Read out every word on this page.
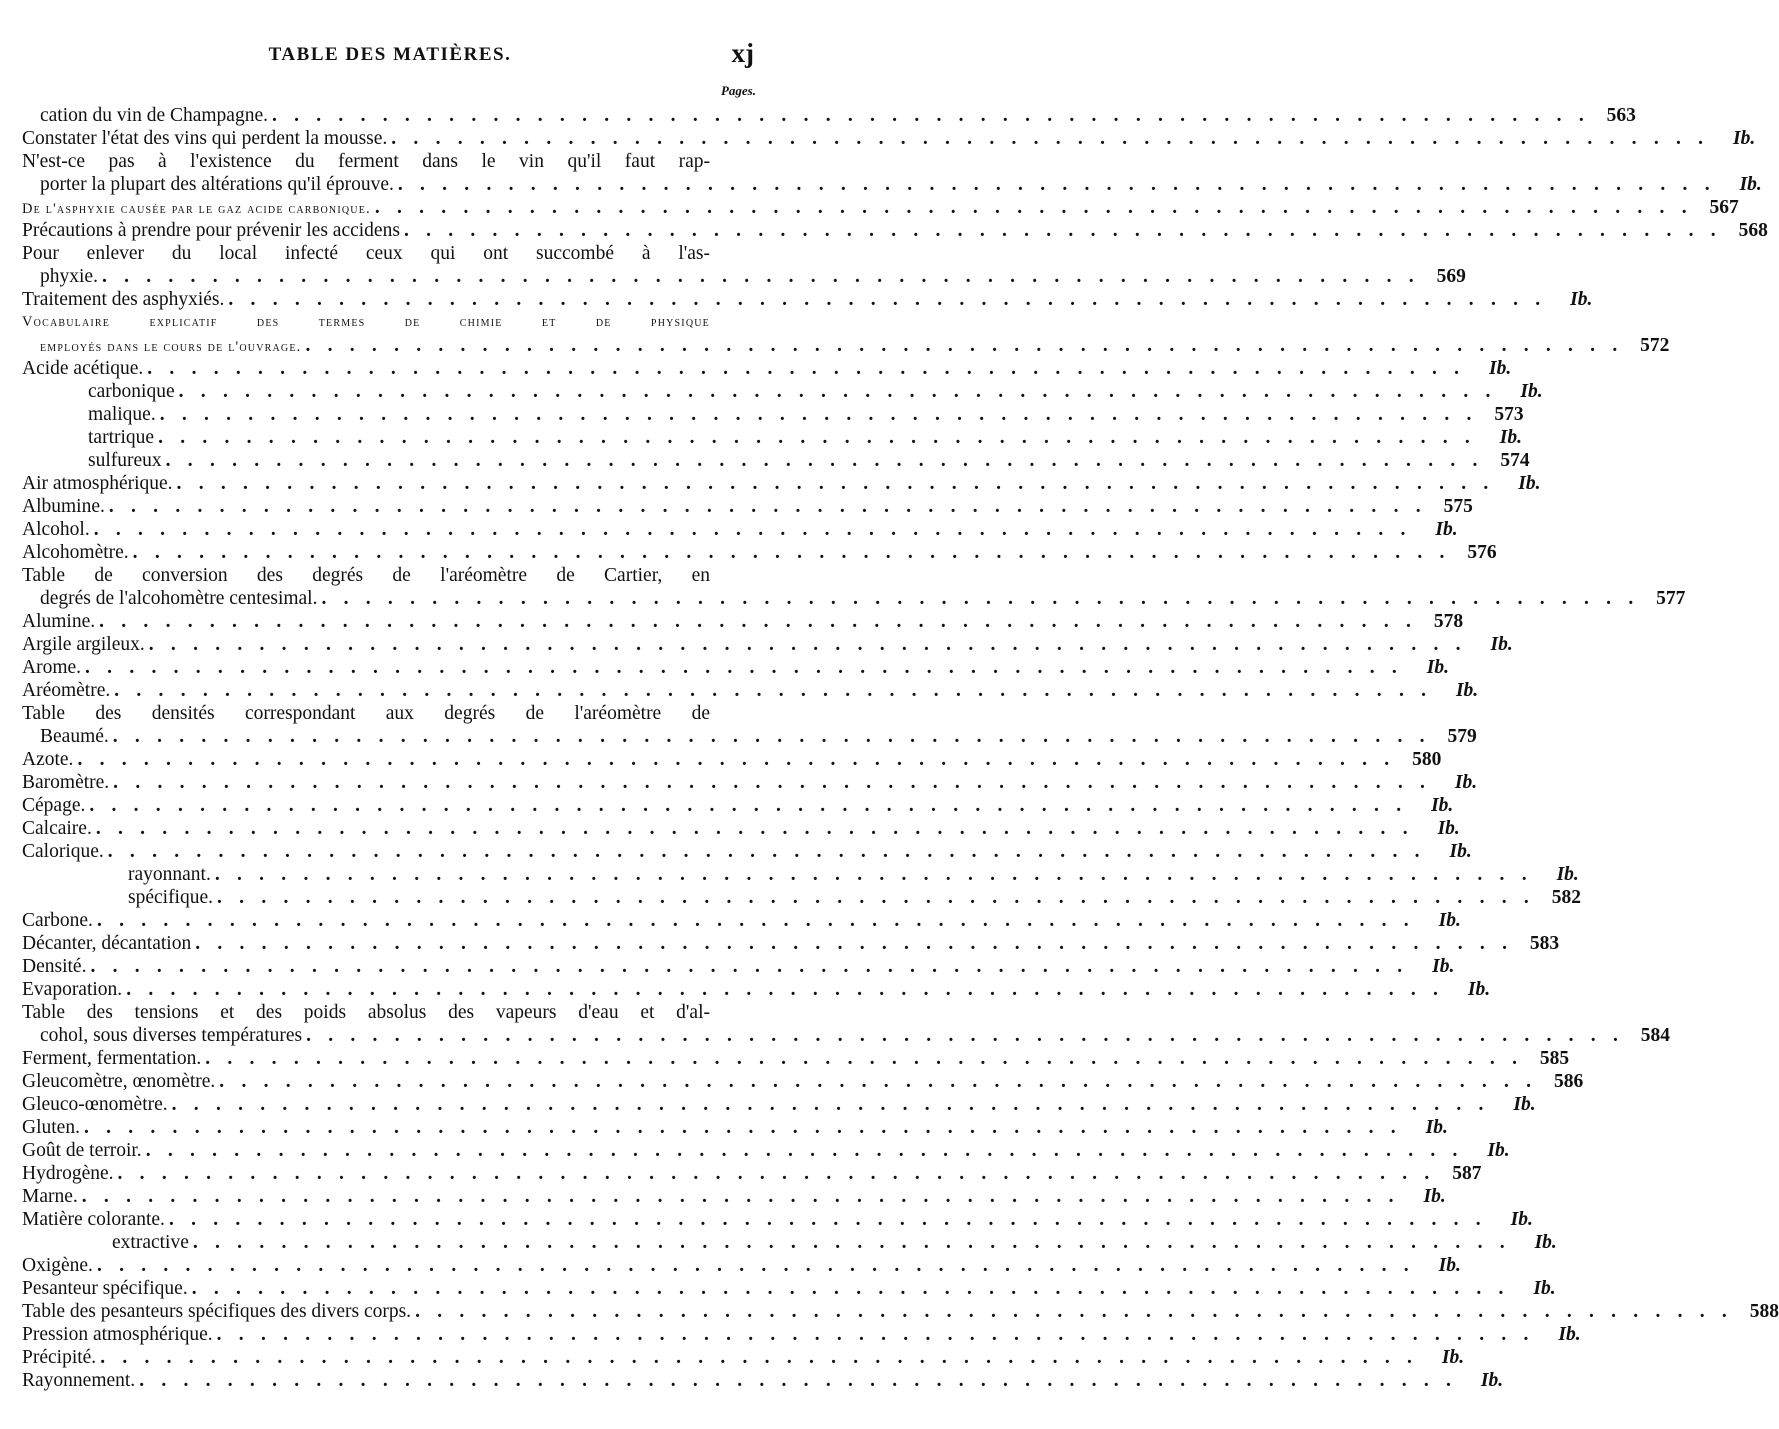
TABLE DES MATIÈRES.	xj
Pages.
cation du vin de Champagne. . . . . . . . . . . . . . . . . . . . . . . . . . . . . . . . . . . . . . . . . . . . . . . . . . . . . . . . . . . . . 563
Constater l'état des vins qui perdent la mousse. . . . . . . . . . . . . . . . . . . . . . . . . . . . . . . . . . . . . . . . . . . . . . . . . . . . . . . . . . . . .	Ib.
N'est-ce pas à l'existence du ferment dans le vin qu'il faut rap-
porter la plupart des altérations qu'il éprouve. . . . . . . . . . . . . . . . . . . . . . . . . . . . . . . . . . . . . . . . . . . . . . . . . . . . . . . . . . . . .	Ib.
De l'asphyxie causée par le gaz acide carbonique. . . . . . . . . . . . . . . . . . . . . . . . . . . . . . . . . . . . . . . . . . . . . . . . . . . . . . . . . . . . . 567
Précautions à prendre pour prévenir les accidens . . . . . . . . . . . . . . . . . . . . . . . . . . . . . . . . . . . . . . . . . . . . . . . . . . . . . . . . . . . . 568
Pour enlever du local infecté ceux qui ont succombé à l'as-
phyxie. . . . . . . . . . . . . . . . . . . . . . . . . . . . . . . . . . . . . . . . . . . . . . . . . . . . . . . . . . . . . 569
Traitement des asphyxiés. . . . . . . . . . . . . . . . . . . . . . . . . . . . . . . . . . . . . . . . . . . . . . . . . . . . . . . . . . . . .	Ib.
Vocabulaire explicatif des termes de chimie et de physique
employés dans le cours de l'ouvrage. . . . . . . . . . . . . . . . . . . . . . . . . . . . . . . . . . . . . . . . . . . . . . . . . . . . . . . . . . . . . 572
Acide acétique. . . . . . . . . . . . . . . . . . . . . . . . . . . . . . . . . . . . . . . . . . . . . . . . . . . . . . . . . . . . .	Ib.
carbonique . . . . . . . . . . . . . . . . . . . . . . . . . . . . . . . . . . . . . . . . . . . . . . . . . . . . . . . . . . . .	Ib.
malique. . . . . . . . . . . . . . . . . . . . . . . . . . . . . . . . . . . . . . . . . . . . . . . . . . . . . . . . . . . . . 573
tartrique . . . . . . . . . . . . . . . . . . . . . . . . . . . . . . . . . . . . . . . . . . . . . . . . . . . . . . . . . . . .	Ib.
sulfureux . . . . . . . . . . . . . . . . . . . . . . . . . . . . . . . . . . . . . . . . . . . . . . . . . . . . . . . . . . . . 574
Air atmosphérique. . . . . . . . . . . . . . . . . . . . . . . . . . . . . . . . . . . . . . . . . . . . . . . . . . . . . . . . . . . . .	Ib.
Albumine. . . . . . . . . . . . . . . . . . . . . . . . . . . . . . . . . . . . . . . . . . . . . . . . . . . . . . . . . . . . . 575
Alcohol. . . . . . . . . . . . . . . . . . . . . . . . . . . . . . . . . . . . . . . . . . . . . . . . . . . . . . . . . . . . .	Ib.
Alcohomètre. . . . . . . . . . . . . . . . . . . . . . . . . . . . . . . . . . . . . . . . . . . . . . . . . . . . . . . . . . . . . 576
Table de conversion des degrés de l'aréomètre de Cartier, en
degrés de l'alcohomètre centesimal. . . . . . . . . . . . . . . . . . . . . . . . . . . . . . . . . . . . . . . . . . . . . . . . . . . . . . . . . . . . . 577
Alumine. . . . . . . . . . . . . . . . . . . . . . . . . . . . . . . . . . . . . . . . . . . . . . . . . . . . . . . . . . . . . 578
Argile argileux. . . . . . . . . . . . . . . . . . . . . . . . . . . . . . . . . . . . . . . . . . . . . . . . . . . . . . . . . . . . .	Ib.
Arome. . . . . . . . . . . . . . . . . . . . . . . . . . . . . . . . . . . . . . . . . . . . . . . . . . . . . . . . . . . . .	Ib.
Aréomètre. . . . . . . . . . . . . . . . . . . . . . . . . . . . . . . . . . . . . . . . . . . . . . . . . . . . . . . . . . . . .	Ib.
Table des densités correspondant aux degrés de l'aréomètre de
Beaumé. . . . . . . . . . . . . . . . . . . . . . . . . . . . . . . . . . . . . . . . . . . . . . . . . . . . . . . . . . . . . 579
Azote. . . . . . . . . . . . . . . . . . . . . . . . . . . . . . . . . . . . . . . . . . . . . . . . . . . . . . . . . . . . . 580
Baromètre. . . . . . . . . . . . . . . . . . . . . . . . . . . . . . . . . . . . . . . . . . . . . . . . . . . . . . . . . . . . .	Ib.
Cépage. . . . . . . . . . . . . . . . . . . . . . . . . . . . . . . . . . . . . . . . . . . . . . . . . . . . . . . . . . . . .	Ib.
Calcaire. . . . . . . . . . . . . . . . . . . . . . . . . . . . . . . . . . . . . . . . . . . . . . . . . . . . . . . . . . . . .	Ib.
Calorique. . . . . . . . . . . . . . . . . . . . . . . . . . . . . . . . . . . . . . . . . . . . . . . . . . . . . . . . . . . . .	Ib.
rayonnant. . . . . . . . . . . . . . . . . . . . . . . . . . . . . . . . . . . . . . . . . . . . . . . . . . . . . . . . . . . . .	Ib.
spécifique. . . . . . . . . . . . . . . . . . . . . . . . . . . . . . . . . . . . . . . . . . . . . . . . . . . . . . . . . . . . . 582
Carbone. . . . . . . . . . . . . . . . . . . . . . . . . . . . . . . . . . . . . . . . . . . . . . . . . . . . . . . . . . . . .	Ib.
Décanter, décantation . . . . . . . . . . . . . . . . . . . . . . . . . . . . . . . . . . . . . . . . . . . . . . . . . . . . . . . . . . . . 583
Densité. . . . . . . . . . . . . . . . . . . . . . . . . . . . . . . . . . . . . . . . . . . . . . . . . . . . . . . . . . . . .	Ib.
Evaporation. . . . . . . . . . . . . . . . . . . . . . . . . . . . . . . . . . . . . . . . . . . . . . . . . . . . . . . . . . . . .	Ib.
Table des tensions et des poids absolus des vapeurs d'eau et d'al-
cohol, sous diverses températures . . . . . . . . . . . . . . . . . . . . . . . . . . . . . . . . . . . . . . . . . . . . . . . . . . . . . . . . . . . . 584
Ferment, fermentation. . . . . . . . . . . . . . . . . . . . . . . . . . . . . . . . . . . . . . . . . . . . . . . . . . . . . . . . . . . . . 585
Gleucomètre, œnomètre. . . . . . . . . . . . . . . . . . . . . . . . . . . . . . . . . . . . . . . . . . . . . . . . . . . . . . . . . . . . . 586
Gleuco-œnomètre. . . . . . . . . . . . . . . . . . . . . . . . . . . . . . . . . . . . . . . . . . . . . . . . . . . . . . . . . . . . .	Ib.
Gluten. . . . . . . . . . . . . . . . . . . . . . . . . . . . . . . . . . . . . . . . . . . . . . . . . . . . . . . . . . . . .	Ib.
Goût de terroir. . . . . . . . . . . . . . . . . . . . . . . . . . . . . . . . . . . . . . . . . . . . . . . . . . . . . . . . . . . . .	Ib.
Hydrogène. . . . . . . . . . . . . . . . . . . . . . . . . . . . . . . . . . . . . . . . . . . . . . . . . . . . . . . . . . . . . 587
Marne. . . . . . . . . . . . . . . . . . . . . . . . . . . . . . . . . . . . . . . . . . . . . . . . . . . . . . . . . . . . .	Ib.
Matière colorante. . . . . . . . . . . . . . . . . . . . . . . . . . . . . . . . . . . . . . . . . . . . . . . . . . . . . . . . . . . . .	Ib.
extractive . . . . . . . . . . . . . . . . . . . . . . . . . . . . . . . . . . . . . . . . . . . . . . . . . . . . . . . . . . . .	Ib.
Oxigène. . . . . . . . . . . . . . . . . . . . . . . . . . . . . . . . . . . . . . . . . . . . . . . . . . . . . . . . . . . . .	Ib.
Pesanteur spécifique. . . . . . . . . . . . . . . . . . . . . . . . . . . . . . . . . . . . . . . . . . . . . . . . . . . . . . . . . . . . .	Ib.
Table des pesanteurs spécifiques des divers corps. . . . . . . . . . . . . . . . . . . . . . . . . . . . . . . . . . . . . . . . . . . . . . . . . . . . . . . . . . . . . 588
Pression atmosphérique. . . . . . . . . . . . . . . . . . . . . . . . . . . . . . . . . . . . . . . . . . . . . . . . . . . . . . . . . . . . .	Ib.
Précipité. . . . . . . . . . . . . . . . . . . . . . . . . . . . . . . . . . . . . . . . . . . . . . . . . . . . . . . . . . . . .	Ib.
Rayonnement. . . . . . . . . . . . . . . . . . . . . . . . . . . . . . . . . . . . . . . . . . . . . . . . . . . . . . . . . . . . .	Ib.
